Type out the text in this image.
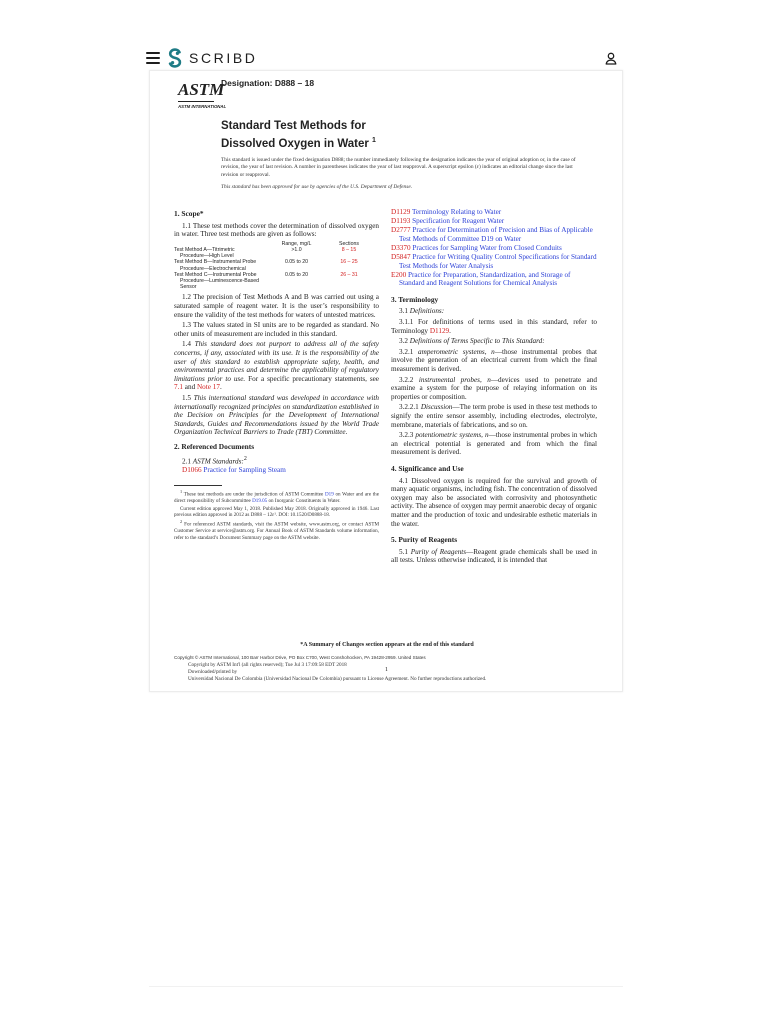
SCRIBD
ASTM
ASTM INTERNATIONAL
Designation: D888 – 18
Standard Test Methods for
Dissolved Oxygen in Water $^1$
This standard is issued under the fixed designation D888; the number immediately following the designation indicates the year of original adoption or, in the case of revision, the year of last revision. A number in parentheses indicates the year of last reapproval. A superscript epsilon (ε) indicates an editorial change since the last revision or reapproval.
This standard has been approved for use by agencies of the U.S. Department of Defense.
1. Scope*
1.1 These test methods cover the determination of dissolved oxygen in water. Three test methods are given as follows:
Range, mg/L	Sections
Test Method A—Titrimetric	>1.0	8 – 15
Procedure—High Level
Test Method B—Instrumental Probe	0.05 to 20	16 – 25
Procedure—Electrochemical
Test Method C—Instrumental Probe	0.05 to 20	26 – 31
Procedure—Luminescence-Based
Sensor
1.2 The precision of Test Methods A and B was carried out using a saturated sample of reagent water. It is the user’s responsibility to ensure the validity of the test methods for waters of untested matrices.
1.3 The values stated in SI units are to be regarded as standard. No other units of measurement are included in this standard.
1.4 This standard does not purport to address all of the safety concerns, if any, associated with its use. It is the responsibility of the user of this standard to establish appropriate safety, health, and environmental practices and determine the applicability of regulatory limitations prior to use. For a specific precautionary statements, see 7.1 and Note 17.
1.5 This international standard was developed in accordance with internationally recognized principles on standardization established in the Decision on Principles for the Development of International Standards, Guides and Recommendations issued by the World Trade Organization Technical Barriers to Trade (TBT) Committee.
2. Referenced Documents
2.1 ASTM Standards:$^2$
D1066 Practice for Sampling Steam
$^1$ These test methods are under the jurisdiction of ASTM Committee D19 on Water and are the direct responsibility of Subcommittee D19.05 on Inorganic Constituents in Water.
Current edition approved May 1, 2018. Published May 2018. Originally approved in 1946. Last previous edition approved in 2012 as D888 – 12ε¹. DOI: 10.1520/D0888-18.
$^2$ For referenced ASTM standards, visit the ASTM website, www.astm.org, or contact ASTM Customer Service at service@astm.org. For Annual Book of ASTM Standards volume information, refer to the standard’s Document Summary page on the ASTM website.
D1129 Terminology Relating to Water
D1193 Specification for Reagent Water
D2777 Practice for Determination of Precision and Bias of Applicable Test Methods of Committee D19 on Water
D3370 Practices for Sampling Water from Closed Conduits
D5847 Practice for Writing Quality Control Specifications for Standard Test Methods for Water Analysis
E200 Practice for Preparation, Standardization, and Storage of Standard and Reagent Solutions for Chemical Analysis
3. Terminology
3.1 Definitions:
3.1.1 For definitions of terms used in this standard, refer to Terminology D1129.
3.2 Definitions of Terms Specific to This Standard:
3.2.1 amperometric systems, n—those instrumental probes that involve the generation of an electrical current from which the final measurement is derived.
3.2.2 instrumental probes, n—devices used to penetrate and examine a system for the purpose of relaying information on its properties or composition.
3.2.2.1 Discussion—The term probe is used in these test methods to signify the entire sensor assembly, including electrodes, electrolyte, membrane, materials of fabrications, and so on.
3.2.3 potentiometric systems, n—those instrumental probes in which an electrical potential is generated and from which the final measurement is derived.
4. Significance and Use
4.1 Dissolved oxygen is required for the survival and growth of many aquatic organisms, including fish. The concentration of dissolved oxygen may also be associated with corrosivity and photosynthetic activity. The absence of oxygen may permit anaerobic decay of organic matter and the production of toxic and undesirable esthetic materials in the water.
5. Purity of Reagents
5.1 Purity of Reagents—Reagent grade chemicals shall be used in all tests. Unless otherwise indicated, it is intended that
*A Summary of Changes section appears at the end of this standard
Copyright © ASTM International, 100 Barr Harbor Drive, PO Box C700, West Conshohocken, PA 19428-2959. United States
Copyright by ASTM Int'l (all rights reserved); Tue Jul 3 17:09:58 EDT 2018
Downloaded/printed by
Universidad Nacional De Colombia (Universidad Nacional De Colombia) pursuant to License Agreement. No further reproductions authorized.
1
